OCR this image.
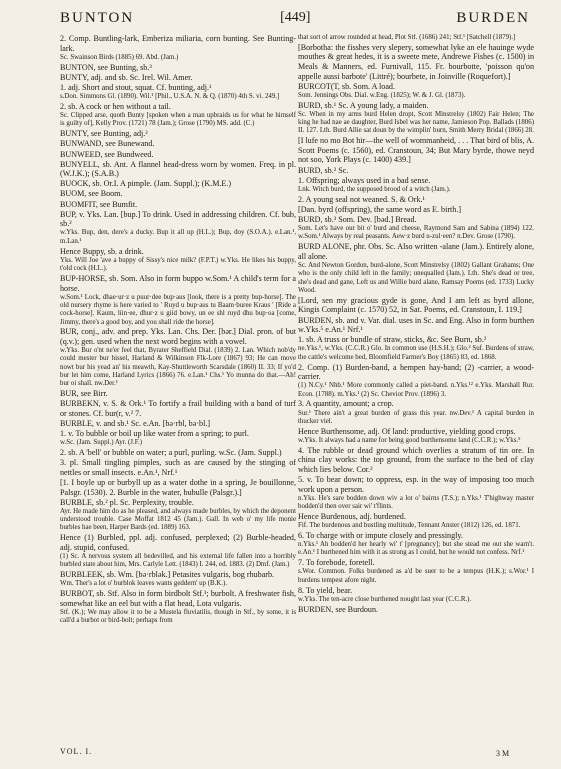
BUNTON	[449]	BURDEN

2. Comp. Buntling-lark, Emberiza miliaria, corn bunting. See Bunting-lark.

Sc. Swainson Birds (1885) 69. Abd. (Jam.)

BUNTON, see Bunting, sb.³

BUNTY, adj. and sb. Sc. Irel. Wil. Amer.

1. adj. Short and stout, squat. Cf. bunting, adj.¹

s.Don. Simmons Gl. (1890). Wil.¹ [Phil., U.S.A. N. & Q. (1870) 4th S. vi. 249.]

2. sb. A cock or hen without a tail.

Sc. Clipped arse, quoth Bunty [spoken when a man upbraids us for what he himself is guilty of], Kelly Prov. (1721) 78 (Jam.); Grose (1790) MS. add. (C.)

BUNTY, see Bunting, adj.²

BUNWAND, see Bunewand.

BUNWEED, see Bundweed.

BUNYELL, sb. Ant. A flannel head-dress worn by women. Freq. in pl. (W.J.K.); (S.A.B.)

BUOCK, sb. Or.I. A pimple. (Jam. Suppl.); (K.M.E.)

BUOM, see Boom.

BUOMFIT, see Bumfit.

BUP, v. Yks. Lan. [bup.] To drink. Used in addressing children. Cf. bub, sb.²

w.Yks. Bup, den, dere's a ducky. Bup it all up (H.L.); Bup, doy (S.O.A.). e.Lan.¹, m.Lan.¹

Hence Buppy, sb. a drink.

Yks. Will Joe 'ave a buppy of Sissy's nice milk? (F.P.T.) w.Yks. He likes his buppy, t'old cock (H.L.).

BUP-HORSE, sb. Som. Also in form buppo w.Som.¹ A child's term for a horse.

w.Som.¹ Lock, dhae·ur·z u puur·dee bup·aus [look, there is a pretty bup-horse]. The old nursery rhyme is here varied to ' Ruyd u bup·aus tu Baam·buree Kraus ' [Ride a cock-horse]. Kaum, liin·ee, dhur·z u giid bowy, un ee shl ruyd dhu bup·oa [come, Jimmy, there's a good boy, and you shall ride the horse].

BUR, conj., adv. and prep. Yks. Lan. Chs. Der. [bər.] Dial. pron. of but (q.v.); gen. used when the next word begins with a vowel.

w.Yks. Bur o'nt ne'er feel that, Byrater Sheffield Dial. (1839) 2. Lan. Which nob'dy could mester bur hissel, Harland & Wilkinson Flk-Lore (1867) 93; He can move nowt bur his yead an' his meawth, Kay-Shuttleworth Scarsdale (1860) II. 33; If yo'd bur let him come, Harland Lyrics (1866) 76. e.Lan.¹ Chs.¹ Yo munna do that.—Ah! bur oi shall. nw.Der.¹

BUR, see Birr.

BURBEKN, v. S. & Ork.¹ To fortify a frail building with a band of turf or stones. Cf. bur(r, v.² 7.

BURBLE, v. and sb.¹ Sc. e.An. [bə·rbl, bə·bl.]

1. v. To bubble or boil up like water from a spring; to purl.

w.Sc. (Jam. Suppl.) Ayr. (J.F.)

2. sb. A 'bell' or bubble on water; a purl, purling. w.Sc. (Jam. Suppl.)

3. pl. Small tingling pimples, such as are caused by the stinging of nettles or small insects. e.An.¹, Nrf.¹

[1. I boyle up or burbyll up as a water dothe in a spring, Je bouillonne, Palsgr. (1530). 2. Burble in the water, bubulle (Palsgr.).]

BURBLE, sb.² pl. Sc. Perplexity, trouble.

Ayr. He made him do as he pleased, and always made burbles, by which the deponent understood trouble. Case Moffat 1812 45 (Jam.). Gall. In web o' my life monie burbles hae been, Harper Bards (ed. 1889) 163.

Hence (1) Burbled, ppl. adj. confused, perplexed; (2) Burble-headed, adj. stupid, confused.

(1) Sc. A nervous system all bedevilled, and his external life fallen into a horribly burbled state about him, Mrs. Carlyle Lett. (1843) I. 244, ed. 1883. (2) Dmf. (Jam.)

BURBLEEK, sb. Wm. [bə·rblək.] Petasites vulgaris, bog rhubarb.

Wm. Ther's a lot o' burblok leaves wants geddern' up (B.K.).

BURBOT, sb. Stf. Also in form birdbolt Stf.¹; burbolt. A freshwater fish, somewhat like an eel but with a flat head, Lota vulgaris.

Stf. (K.); We may allow it to be a Mustela fluviatilis, though in Stf., by some, it is call'd a burbot or bird-bolt; perhaps from

that sort of arrow rounded at head, Plot Stf. (1686) 241; Stf.¹ [Satchell (1879).]

[Borbotha: the fisshes very slepery, somewhat lyke an ele hauinge wyde mouthes & great hedes, it is a sweete mete, Andrewe Fishes (c. 1500) in Meals & Manners, ed. Furnivall, 115. Fr. bourbotte, 'poisson qu'on appelle aussi barbote' (Littré); bourbete, in Joinville (Roquefort).]

BURCOT(T, sb. Som. A load.

Som. Jennings Obs. Dial. w.Eng. (1825); W. & J. Gl. (1873).

BURD, sb.¹ Sc. A young lady, a maiden.

Sc. When in my arms burd Helen dropt, Scott Minstrelsy (1802) Fair Helen; The king he had nae ae daughter, Burd Isbel was her name, Jamieson Pop. Ballads (1806) II. 127. Lth. Burd Allie sat doun by the wimplin' burn, Smith Merry Bridal (1866) 28.

[I lufe no mo Bot hir—the well of wommanheid, . . . That bird of blis, A. Scott Poems (c. 1560), ed. Cranstoun, 34; But Mary byrde, thowe neyd not soo, York Plays (c. 1400) 439.]

BURD, sb.² Sc.

1. Offspring; always used in a bad sense.

Lnk. Witch burd, the supposed brood of a witch (Jam.).

2. A young seal not weaned. S. & Ork.¹

[Dan. byrd (offspring), the same word as E. birth.]

BURD, sb.³ Som. Dev. [bəd.] Bread.

Som. Let's have our bit o' burd and cheese, Raymond Sam and Sabina (1894) 122. w.Som.¹ Always by real peasants. Aew·z burd u-zul·een? n.Dev. Grose (1790).

BURD ALONE, phr. Obs. Sc. Also written -alane (Jam.). Entirely alone, all alone.

Sc. And Newton Gordon, burd-alone, Scott Minstrelsy (1802) Gallant Grahams; One who is the only child left in the family; unequalled (Jam.). Lth. She's dead or tree, she's dead and gane, Left us and Willie burd alane, Ramsay Poems (ed. 1733) Lucky Wood.

[Lord, sen my gracious gyde is gone, And I am left as byrd allone, Kingis Complaint (c. 1570) 52, in Sat. Poems, ed. Cranstoun, I. 119.]

BURDEN, sb. and v. Var. dial. uses in Sc. and Eng. Also in form burthen w.Yks.⁵ e.An.¹ Nrf.¹

1. sb. A truss or bundle of straw, sticks, &c. See Burn, sb.²

ne.Yks.¹, w.Yks. (C.C.R.) Glo. In common use (H.S.H.); Glo.² Suf. Burdens of straw, the cattle's welcome bed, Bloomfield Farmer's Boy (1865) 83, ed. 1868.

2. Comp. (1) Burden-band, a hempen hay-band; (2) -carrier, a wood-carrier.

(1) N.Cy.¹ Nhb.¹ More commonly called a piet-band. n.Yks.¹² e.Yks. Marshall Rur. Econ. (1788). m.Yks.¹ (2) Sc. Cheviot Prov. (1896) 3.

3. A quantity, amount; a crop.

Sur.¹ There ain't a great burden of grass this year. nw.Dev.¹ A capital burden in thucker viel.

Hence Burthensome, adj. Of land: productive, yielding good crops.

w.Yks. It always had a name for being good burthensome land (C.C.R.); w.Yks.⁵

4. The rubble or dead ground which overlies a stratum of tin ore. In china clay works: the top ground, from the surface to the bed of clay which lies below. Cor.²

5. v. To bear down; to oppress, esp. in the way of imposing too much work upon a person.

n.Yks. He's sare bodden down wiv a lot o' bairns (T.S.); n.Yks.¹ T'highway master bodden'd then over sair wi' t'flints.

Hence Burdenous, adj. burdened.

Fif. The burdenous and bustling multitude, Tennant Anster (1812) 126, ed. 1871.

6. To charge with or impute closely and pressingly.

n.Yks.¹ Ah bodden'd her hearly wi' t' [pregnancy]; but she stead me out she warn't. e.An.¹ I burthened him with it as strong as I could, but he would not confess. Nrf.¹

7. To forebode, foretell.

s.Wor. Common. Folks burdened as a'd be suer to be a tempus (H.K.); s.Wor.¹ I burdens tempest afore night.

8. To yield, bear.

w.Yks. The ten-acre close burthened nought last year (C.C.R.).

BURDEN, see Burdoun.

VOL. I.	3 M
